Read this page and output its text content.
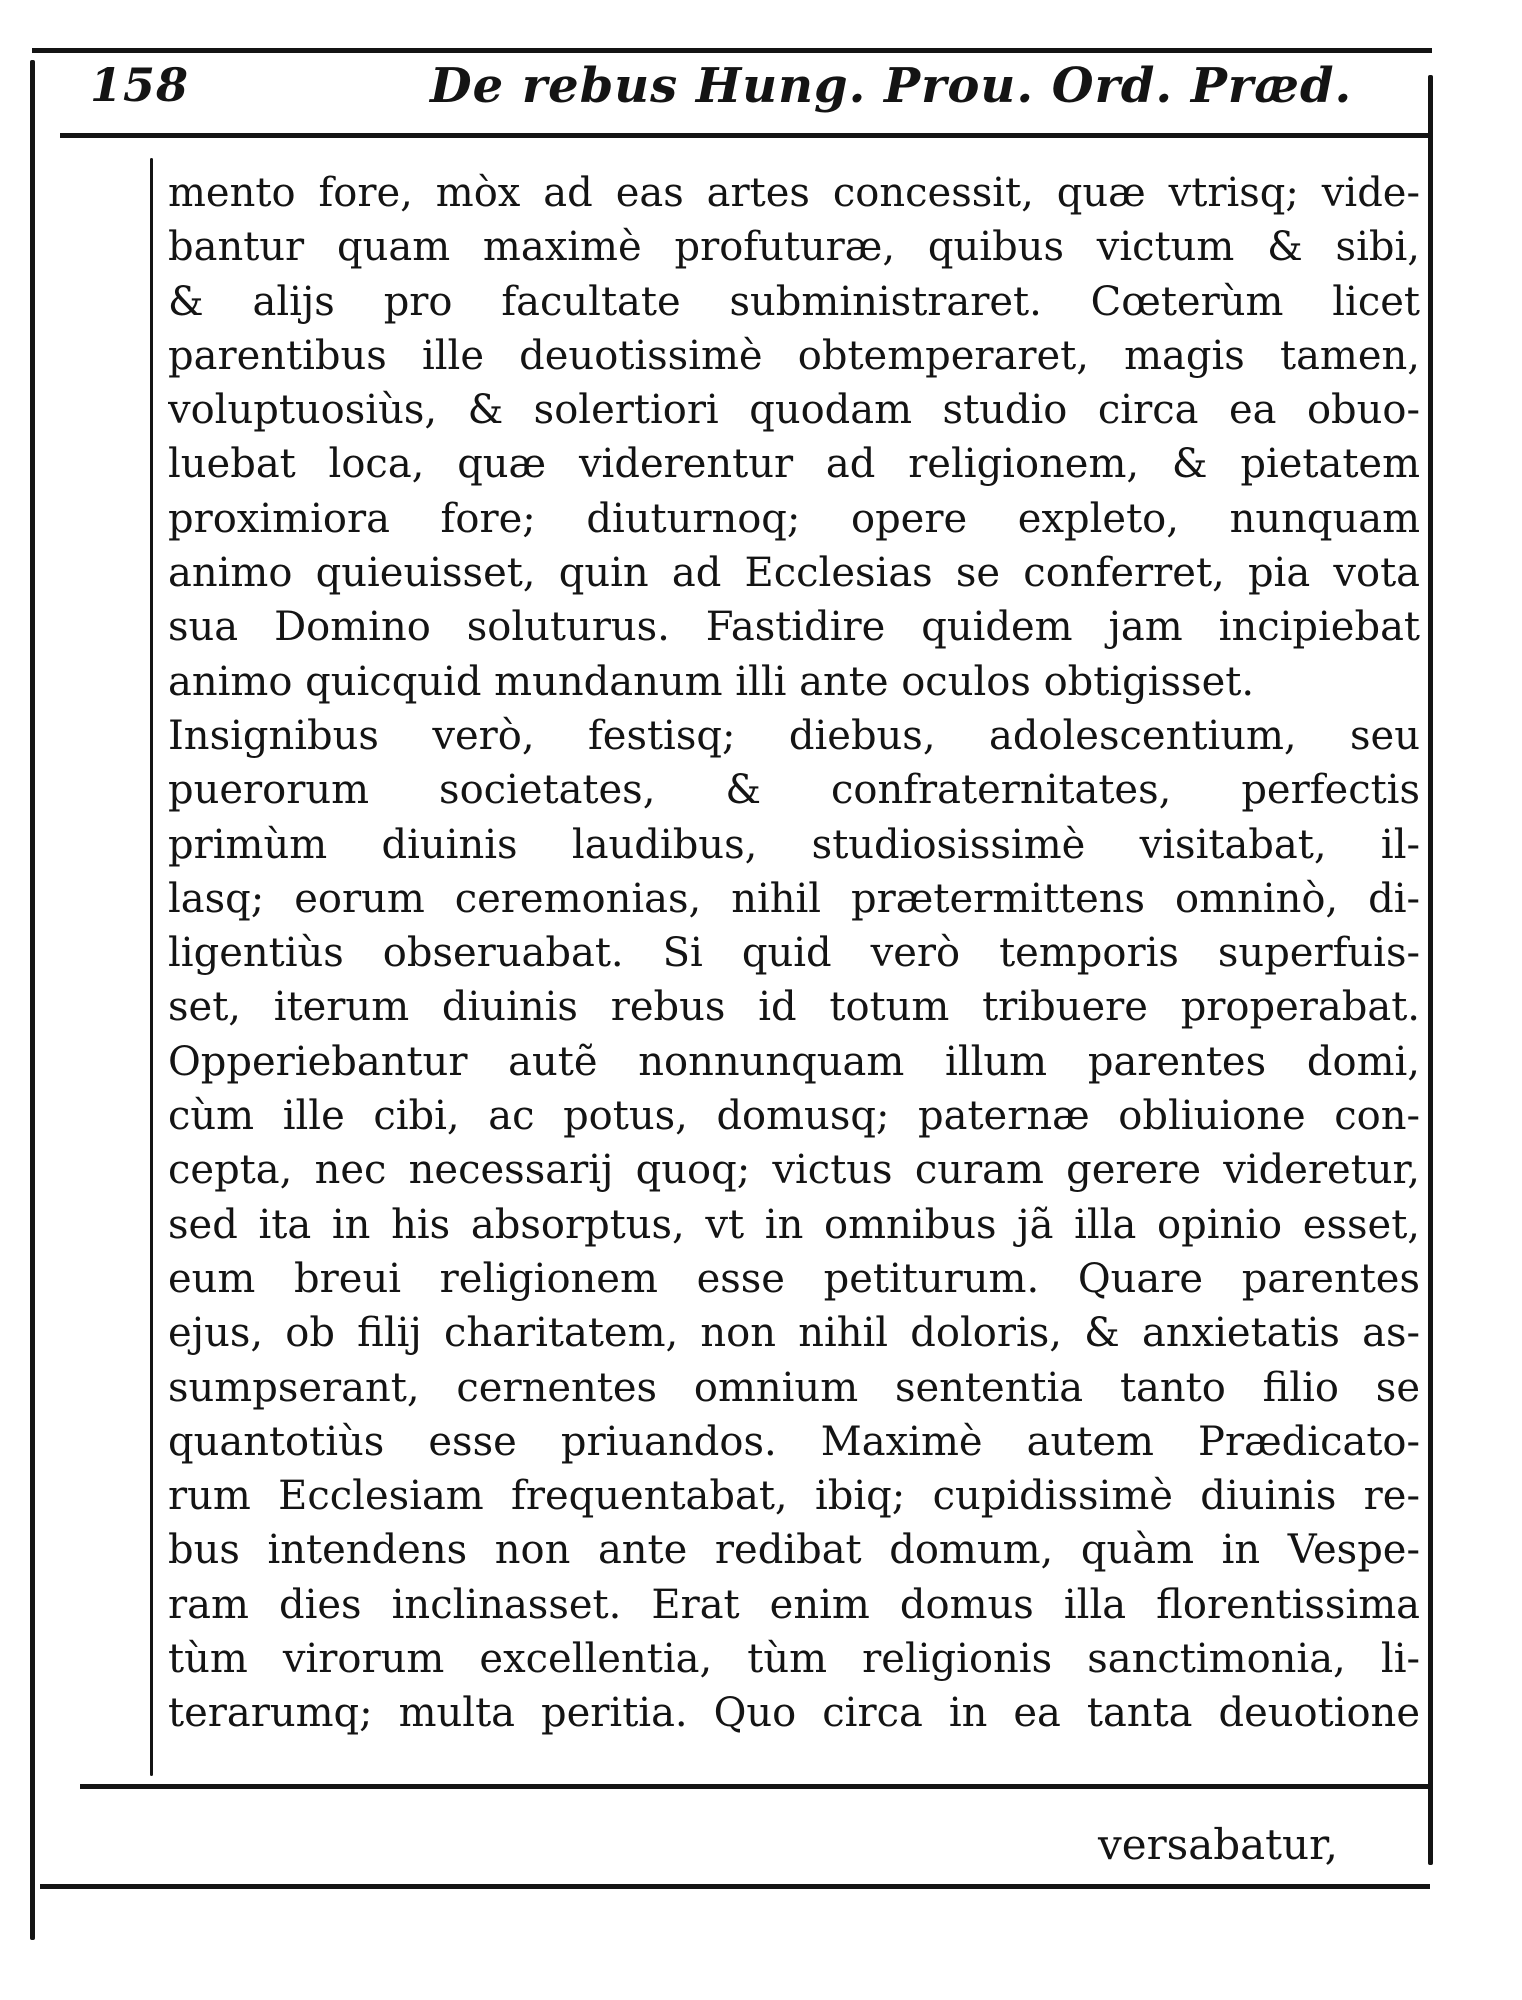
158	De rebus Hung. Prou. Ord. Præd.
mento fore, mòx ad eas artes concessit, quæ vtrisq; vide-
bantur quam maximè profuturæ, quibus victum & sibi,
& alijs pro facultate subministraret. Cœterùm licet
parentibus ille deuotissimè obtemperaret, magis tamen,
voluptuosiùs, & solertiori quodam studio circa ea obuo-
luebat loca, quæ viderentur ad religionem, & pietatem
proximiora fore; diuturnoq; opere expleto, nunquam
animo quieuisset, quin ad Ecclesias se conferret, pia vota
sua Domino soluturus. Fastidire quidem jam incipiebat
animo quicquid mundanum illi ante oculos obtigisset.
Insignibus verò, festisq; diebus, adolescentium, seu
puerorum societates, & confraternitates, perfectis
primùm diuinis laudibus, studiosissimè visitabat, il-
lasq; eorum ceremonias, nihil prætermittens omninò, di-
ligentiùs obseruabat. Si quid verò temporis superfuis-
set, iterum diuinis rebus id totum tribuere properabat.
Opperiebantur autẽ nonnunquam illum parentes domi,
cùm ille cibi, ac potus, domusq; paternæ obliuione con-
cepta, nec necessarij quoq; victus curam gerere videretur,
sed ita in his absorptus, vt in omnibus jã illa opinio esset,
eum breui religionem esse petiturum. Quare parentes
ejus, ob filij charitatem, non nihil doloris, & anxietatis as-
sumpserant, cernentes omnium sententia tanto filio se
quantotiùs esse priuandos. Maximè autem Prædicato-
rum Ecclesiam frequentabat, ibiq; cupidissimè diuinis re-
bus intendens non ante redibat domum, quàm in Vespe-
ram dies inclinasset. Erat enim domus illa florentissima
tùm virorum excellentia, tùm religionis sanctimonia, li-
terarumq; multa peritia. Quo circa in ea tanta deuotione
versabatur,
